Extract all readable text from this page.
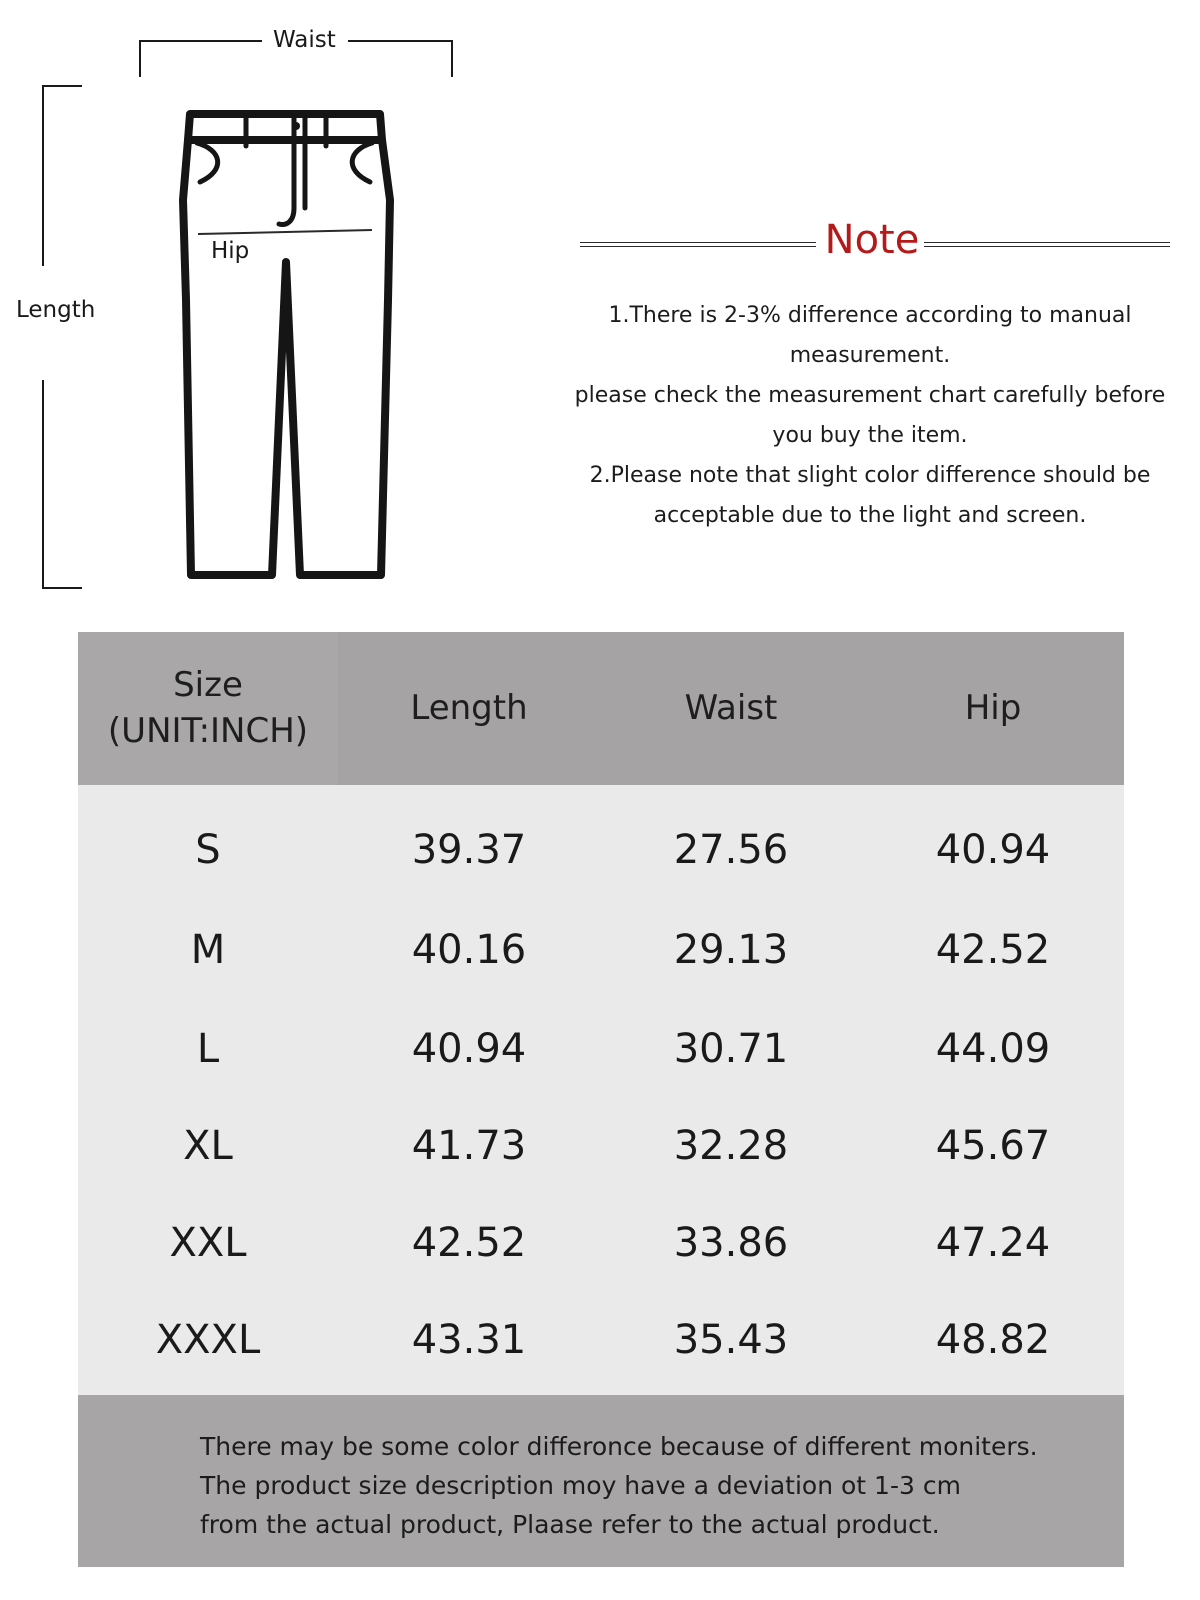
Waist
Length
Hip	Note

1.There is 2-3% difference according to manual

measurement.

please check the measurement chart carefully before

you buy the item.

2.Please note that slight color difference should be

acceptable due to the light and screen.

Size
(UNIT:INCH)
Length	Waist	Hip
S	39.37	27.56	40.94
M	40.16	29.13	42.52
L	40.94	30.71	44.09
XL	41.73	32.28	45.67
XXL	42.52	33.86	47.24
XXXL	43.31	35.43	48.82

There may be some color differonce because of different moniters.

The product size description moy have a deviation ot 1-3 cm

from the actual product, Plaase refer to the actual product.
